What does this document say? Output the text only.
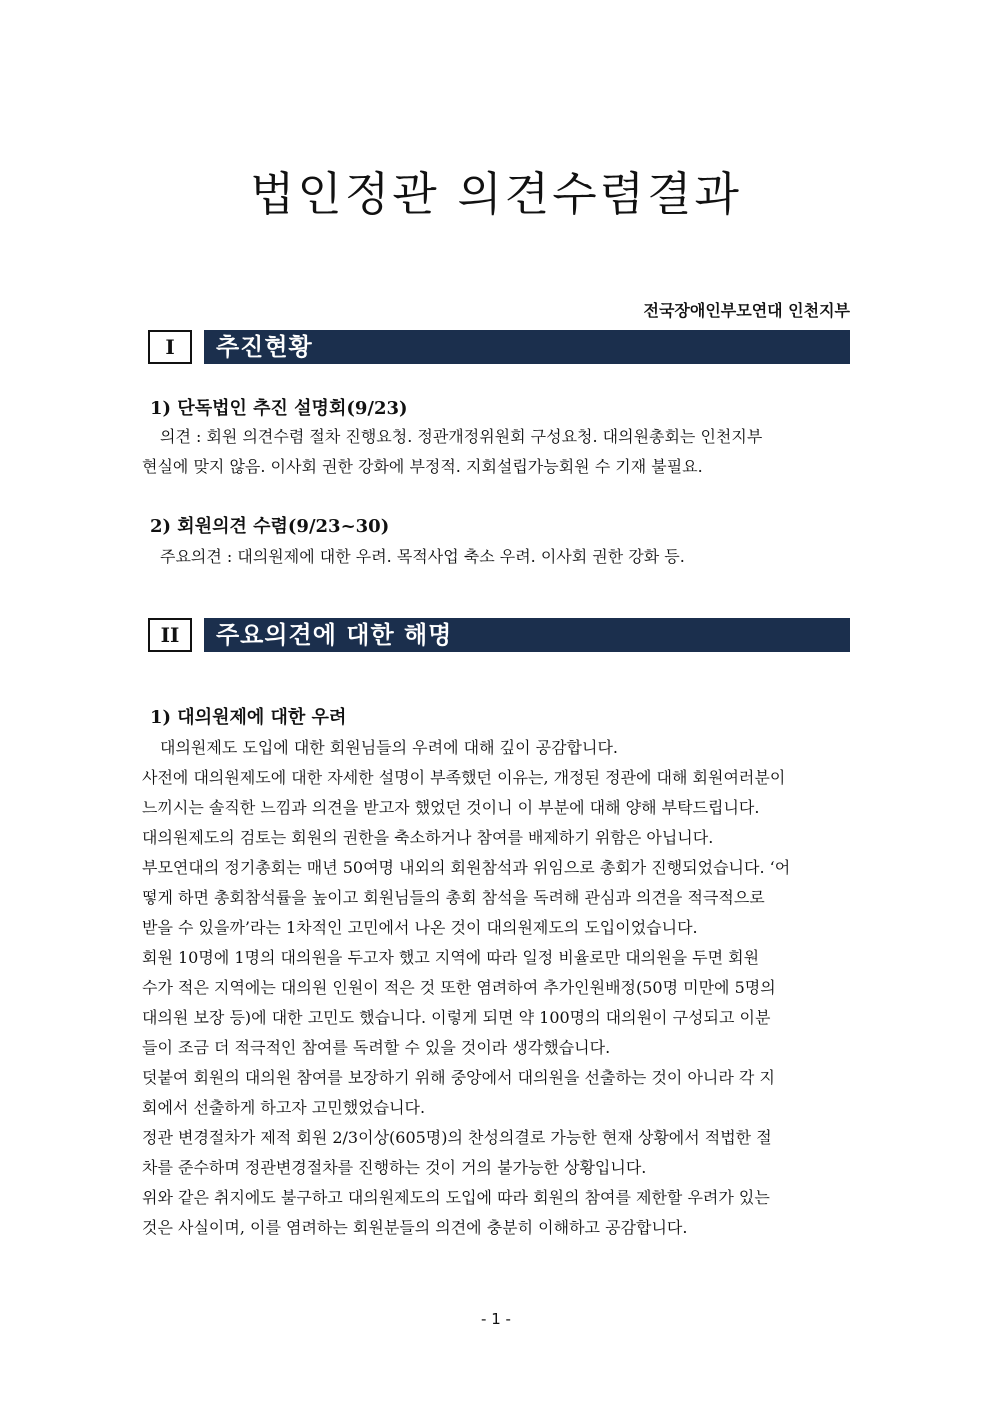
법인정관 의견수렴결과
전국장애인부모연대 인천지부
I	추진현황
1) 단독법인 추진 설명회(9/23)

의견 : 회원 의견수렴 절차 진행요청. 정관개정위원회 구성요청. 대의원총회는 인천지부

현실에 맞지 않음. 이사회 권한 강화에 부정적. 지회설립가능회원 수 기재 불필요.

2) 회원의견 수렴(9/23~30)

주요의견 : 대의원제에 대한 우려. 목적사업 축소 우려. 이사회 권한 강화 등.

II	주요의견에 대한 해명
1) 대의원제에 대한 우려

대의원제도 도입에 대한 회원님들의 우려에 대해 깊이 공감합니다.

사전에 대의원제도에 대한 자세한 설명이 부족했던 이유는, 개정된 정관에 대해 회원여러분이

느끼시는 솔직한 느낌과 의견을 받고자 했었던 것이니 이 부분에 대해 양해 부탁드립니다.

대의원제도의 검토는 회원의 권한을 축소하거나 참여를 배제하기 위함은 아닙니다.

부모연대의 정기총회는 매년 50여명 내외의 회원참석과 위임으로 총회가 진행되었습니다. ‘어

떻게 하면 총회참석률을 높이고 회원님들의 총회 참석을 독려해 관심과 의견을 적극적으로

받을 수 있을까’라는 1차적인 고민에서 나온 것이 대의원제도의 도입이었습니다.

회원 10명에 1명의 대의원을 두고자 했고 지역에 따라 일정 비율로만 대의원을 두면 회원

수가 적은 지역에는 대의원 인원이 적은 것 또한 염려하여 추가인원배정(50명 미만에 5명의

대의원 보장 등)에 대한 고민도 했습니다. 이렇게 되면 약 100명의 대의원이 구성되고 이분

들이 조금 더 적극적인 참여를 독려할 수 있을 것이라 생각했습니다.

덧붙여 회원의 대의원 참여를 보장하기 위해 중앙에서 대의원을 선출하는 것이 아니라 각 지

회에서 선출하게 하고자 고민했었습니다.

정관 변경절차가 제적 회원 2/3이상(605명)의 찬성의결로 가능한 현재 상황에서 적법한 절

차를 준수하며 정관변경절차를 진행하는 것이 거의 불가능한 상황입니다.

위와 같은 취지에도 불구하고 대의원제도의 도입에 따라 회원의 참여를 제한할 우려가 있는

것은 사실이며, 이를 염려하는 회원분들의 의견에 충분히 이해하고 공감합니다.

- 1 -
